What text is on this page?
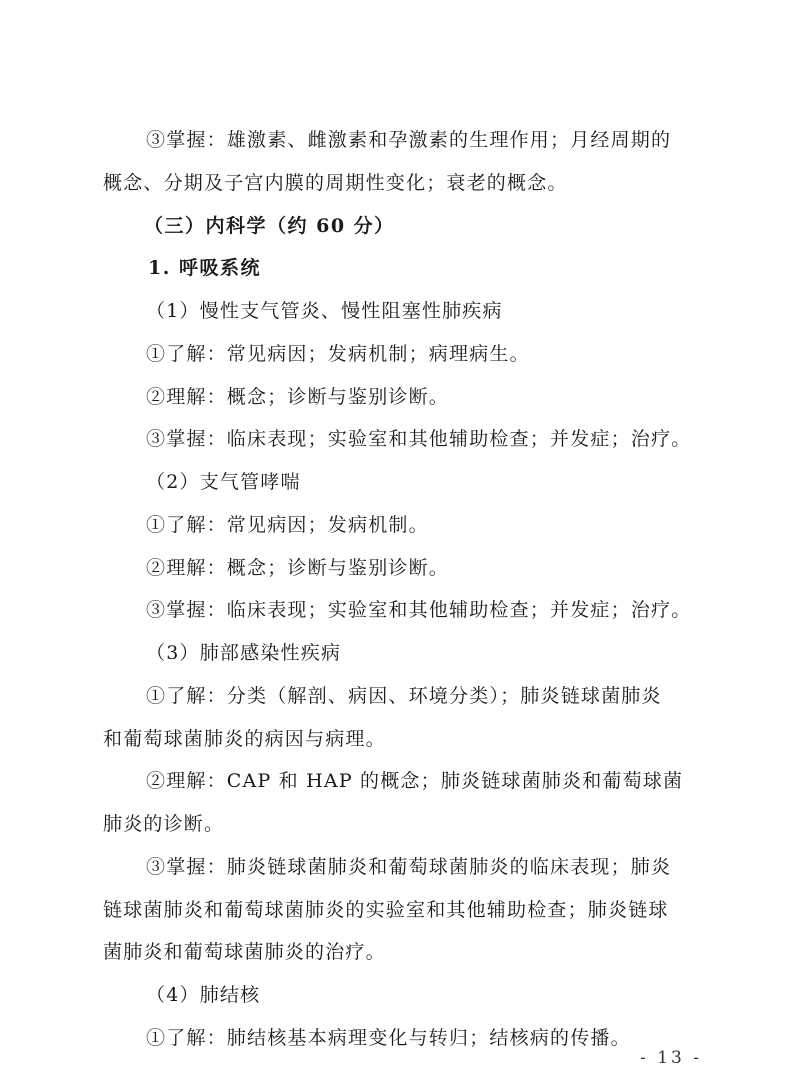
③掌握：雄激素、雌激素和孕激素的生理作用；月经周期的
概念、分期及子宫内膜的周期性变化；衰老的概念。
（三）内科学（约 60 分）
1. 呼吸系统
（1）慢性支气管炎、慢性阻塞性肺疾病
①了解：常见病因；发病机制；病理病生。
②理解：概念；诊断与鉴别诊断。
③掌握：临床表现；实验室和其他辅助检查；并发症；治疗。
（2）支气管哮喘
①了解：常见病因；发病机制。
②理解：概念；诊断与鉴别诊断。
③掌握：临床表现；实验室和其他辅助检查；并发症；治疗。
（3）肺部感染性疾病
①了解：分类（解剖、病因、环境分类）；肺炎链球菌肺炎
和葡萄球菌肺炎的病因与病理。
②理解：CAP 和 HAP 的概念；肺炎链球菌肺炎和葡萄球菌
肺炎的诊断。
③掌握：肺炎链球菌肺炎和葡萄球菌肺炎的临床表现；肺炎
链球菌肺炎和葡萄球菌肺炎的实验室和其他辅助检查；肺炎链球
菌肺炎和葡萄球菌肺炎的治疗。
（4）肺结核
①了解：肺结核基本病理变化与转归；结核病的传播。
- 13 -
